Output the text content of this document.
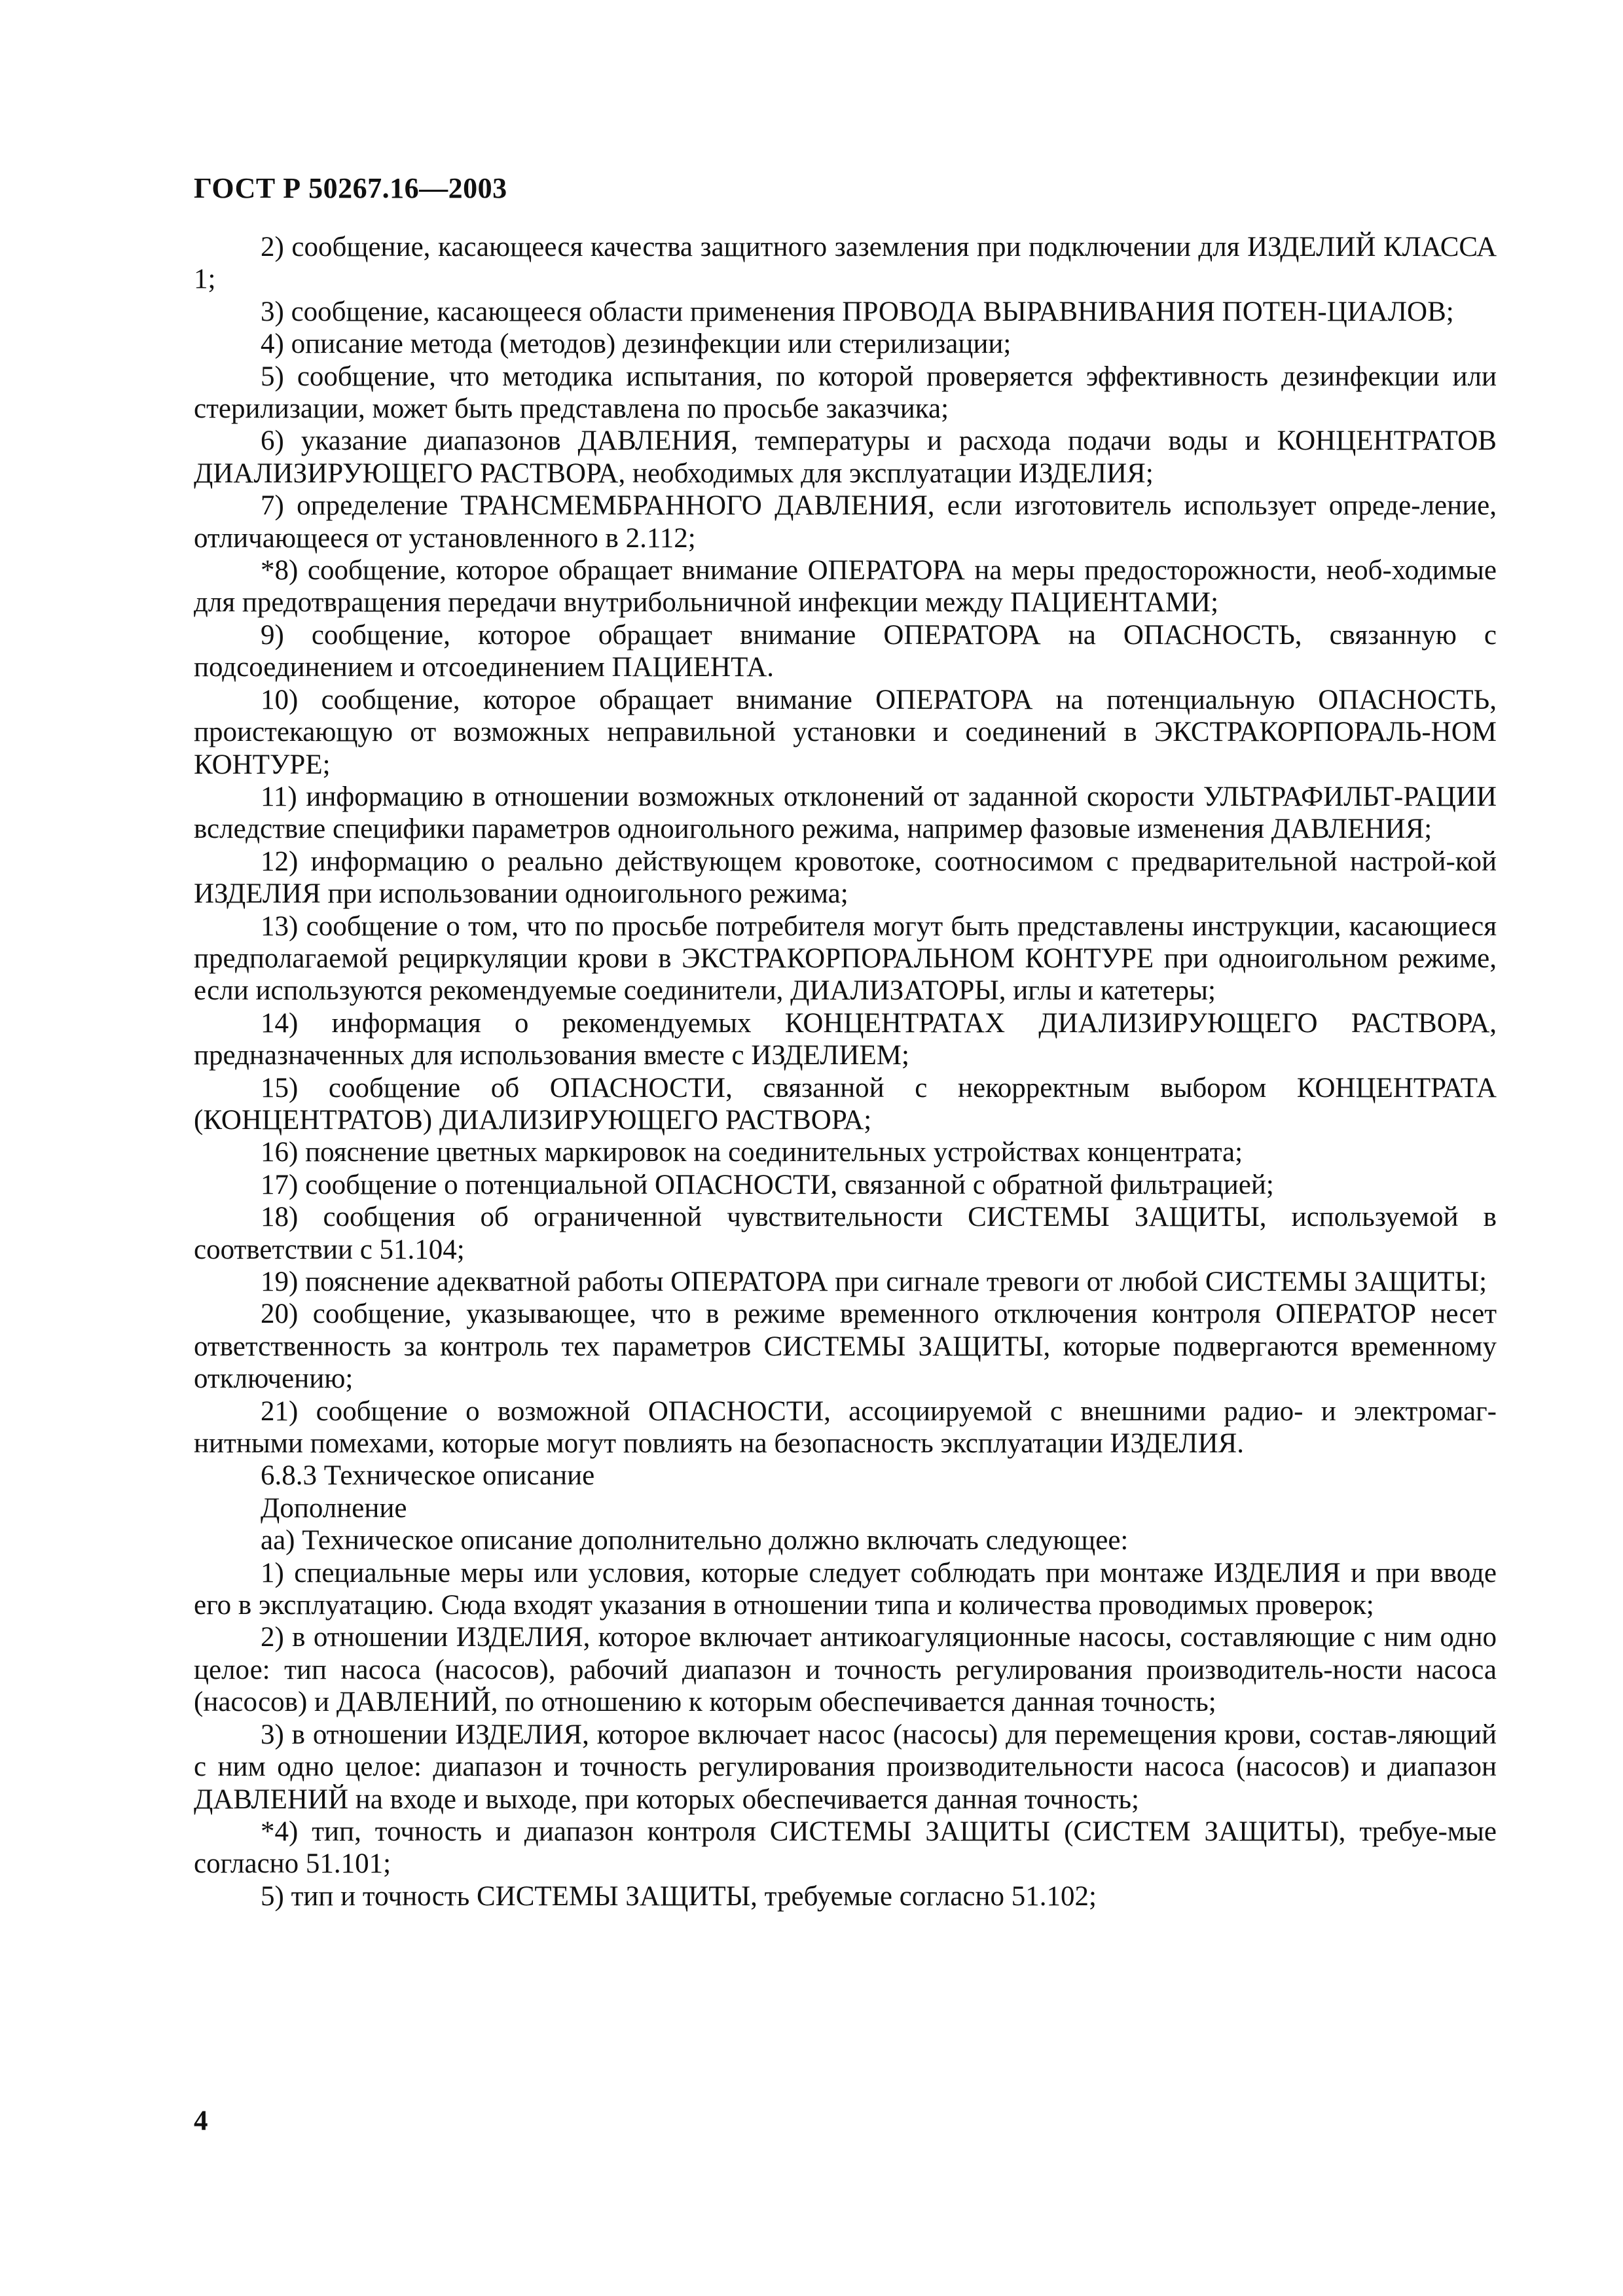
ГОСТ Р 50267.16—2003

2) сообщение, касающееся качества защитного заземления при подключении для ИЗДЕЛИЙ КЛАССА 1;

3) сообщение, касающееся области применения ПРОВОДА ВЫРАВНИВАНИЯ ПОТЕН-ЦИАЛОВ;

4) описание метода (методов) дезинфекции или стерилизации;

5) сообщение, что методика испытания, по которой проверяется эффективность дезинфекции или стерилизации, может быть представлена по просьбе заказчика;

6) указание диапазонов ДАВЛЕНИЯ, температуры и расхода подачи воды и КОНЦЕНТРАТОВ ДИАЛИЗИРУЮЩЕГО РАСТВОРА, необходимых для эксплуатации ИЗДЕЛИЯ;

7) определение ТРАНСМЕМБРАННОГО ДАВЛЕНИЯ, если изготовитель использует опреде-ление, отличающееся от установленного в 2.112;

*8) сообщение, которое обращает внимание ОПЕРАТОРА на меры предосторожности, необ-ходимые для предотвращения передачи внутрибольничной инфекции между ПАЦИЕНТАМИ;

9) сообщение, которое обращает внимание ОПЕРАТОРА на ОПАСНОСТЬ, связанную с подсоединением и отсоединением ПАЦИЕНТА.

10) сообщение, которое обращает внимание ОПЕРАТОРА на потенциальную ОПАСНОСТЬ, проистекающую от возможных неправильной установки и соединений в ЭКСТРАКОРПОРАЛЬ-НОМ КОНТУРЕ;

11) информацию в отношении возможных отклонений от заданной скорости УЛЬТРАФИЛЬТ-РАЦИИ вследствие специфики параметров одноигольного режима, например фазовые изменения ДАВЛЕНИЯ;

12) информацию о реально действующем кровотоке, соотносимом с предварительной настрой-кой ИЗДЕЛИЯ при использовании одноигольного режима;

13) сообщение о том, что по просьбе потребителя могут быть представлены инструкции, касающиеся предполагаемой рециркуляции крови в ЭКСТРАКОРПОРАЛЬНОМ КОНТУРЕ при одноигольном режиме, если используются рекомендуемые соединители, ДИАЛИЗАТОРЫ, иглы и катетеры;

14) информация о рекомендуемых КОНЦЕНТРАТАХ ДИАЛИЗИРУЮЩЕГО РАСТВОРА, предназначенных для использования вместе с ИЗДЕЛИЕМ;

15) сообщение об ОПАСНОСТИ, связанной с некорректным выбором КОНЦЕНТРАТА (КОНЦЕНТРАТОВ) ДИАЛИЗИРУЮЩЕГО РАСТВОРА;

16) пояснение цветных маркировок на соединительных устройствах концентрата;

17) сообщение о потенциальной ОПАСНОСТИ, связанной с обратной фильтрацией;

18) сообщения об ограниченной чувствительности СИСТЕМЫ ЗАЩИТЫ, используемой в соответствии с 51.104;

19) пояснение адекватной работы ОПЕРАТОРА при сигнале тревоги от любой СИСТЕМЫ ЗАЩИТЫ;

20) сообщение, указывающее, что в режиме временного отключения контроля ОПЕРАТОР несет ответственность за контроль тех параметров СИСТЕМЫ ЗАЩИТЫ, которые подвергаются временному отключению;

21) сообщение о возможной ОПАСНОСТИ, ассоциируемой с внешними радио- и электромаг-нитными помехами, которые могут повлиять на безопасность эксплуатации ИЗДЕЛИЯ.

6.8.3 Техническое описание

Дополнение

аа) Техническое описание дополнительно должно включать следующее:

1) специальные меры или условия, которые следует соблюдать при монтаже ИЗДЕЛИЯ и при вводе его в эксплуатацию. Сюда входят указания в отношении типа и количества проводимых проверок;

2) в отношении ИЗДЕЛИЯ, которое включает антикоагуляционные насосы, составляющие с ним одно целое: тип насоса (насосов), рабочий диапазон и точность регулирования производитель-ности насоса (насосов) и ДАВЛЕНИЙ, по отношению к которым обеспечивается данная точность;

3) в отношении ИЗДЕЛИЯ, которое включает насос (насосы) для перемещения крови, состав-ляющий с ним одно целое: диапазон и точность регулирования производительности насоса (насосов) и диапазон ДАВЛЕНИЙ на входе и выходе, при которых обеспечивается данная точность;

*4) тип, точность и диапазон контроля СИСТЕМЫ ЗАЩИТЫ (СИСТЕМ ЗАЩИТЫ), требуе-мые согласно 51.101;

5) тип и точность СИСТЕМЫ ЗАЩИТЫ, требуемые согласно 51.102;

4
